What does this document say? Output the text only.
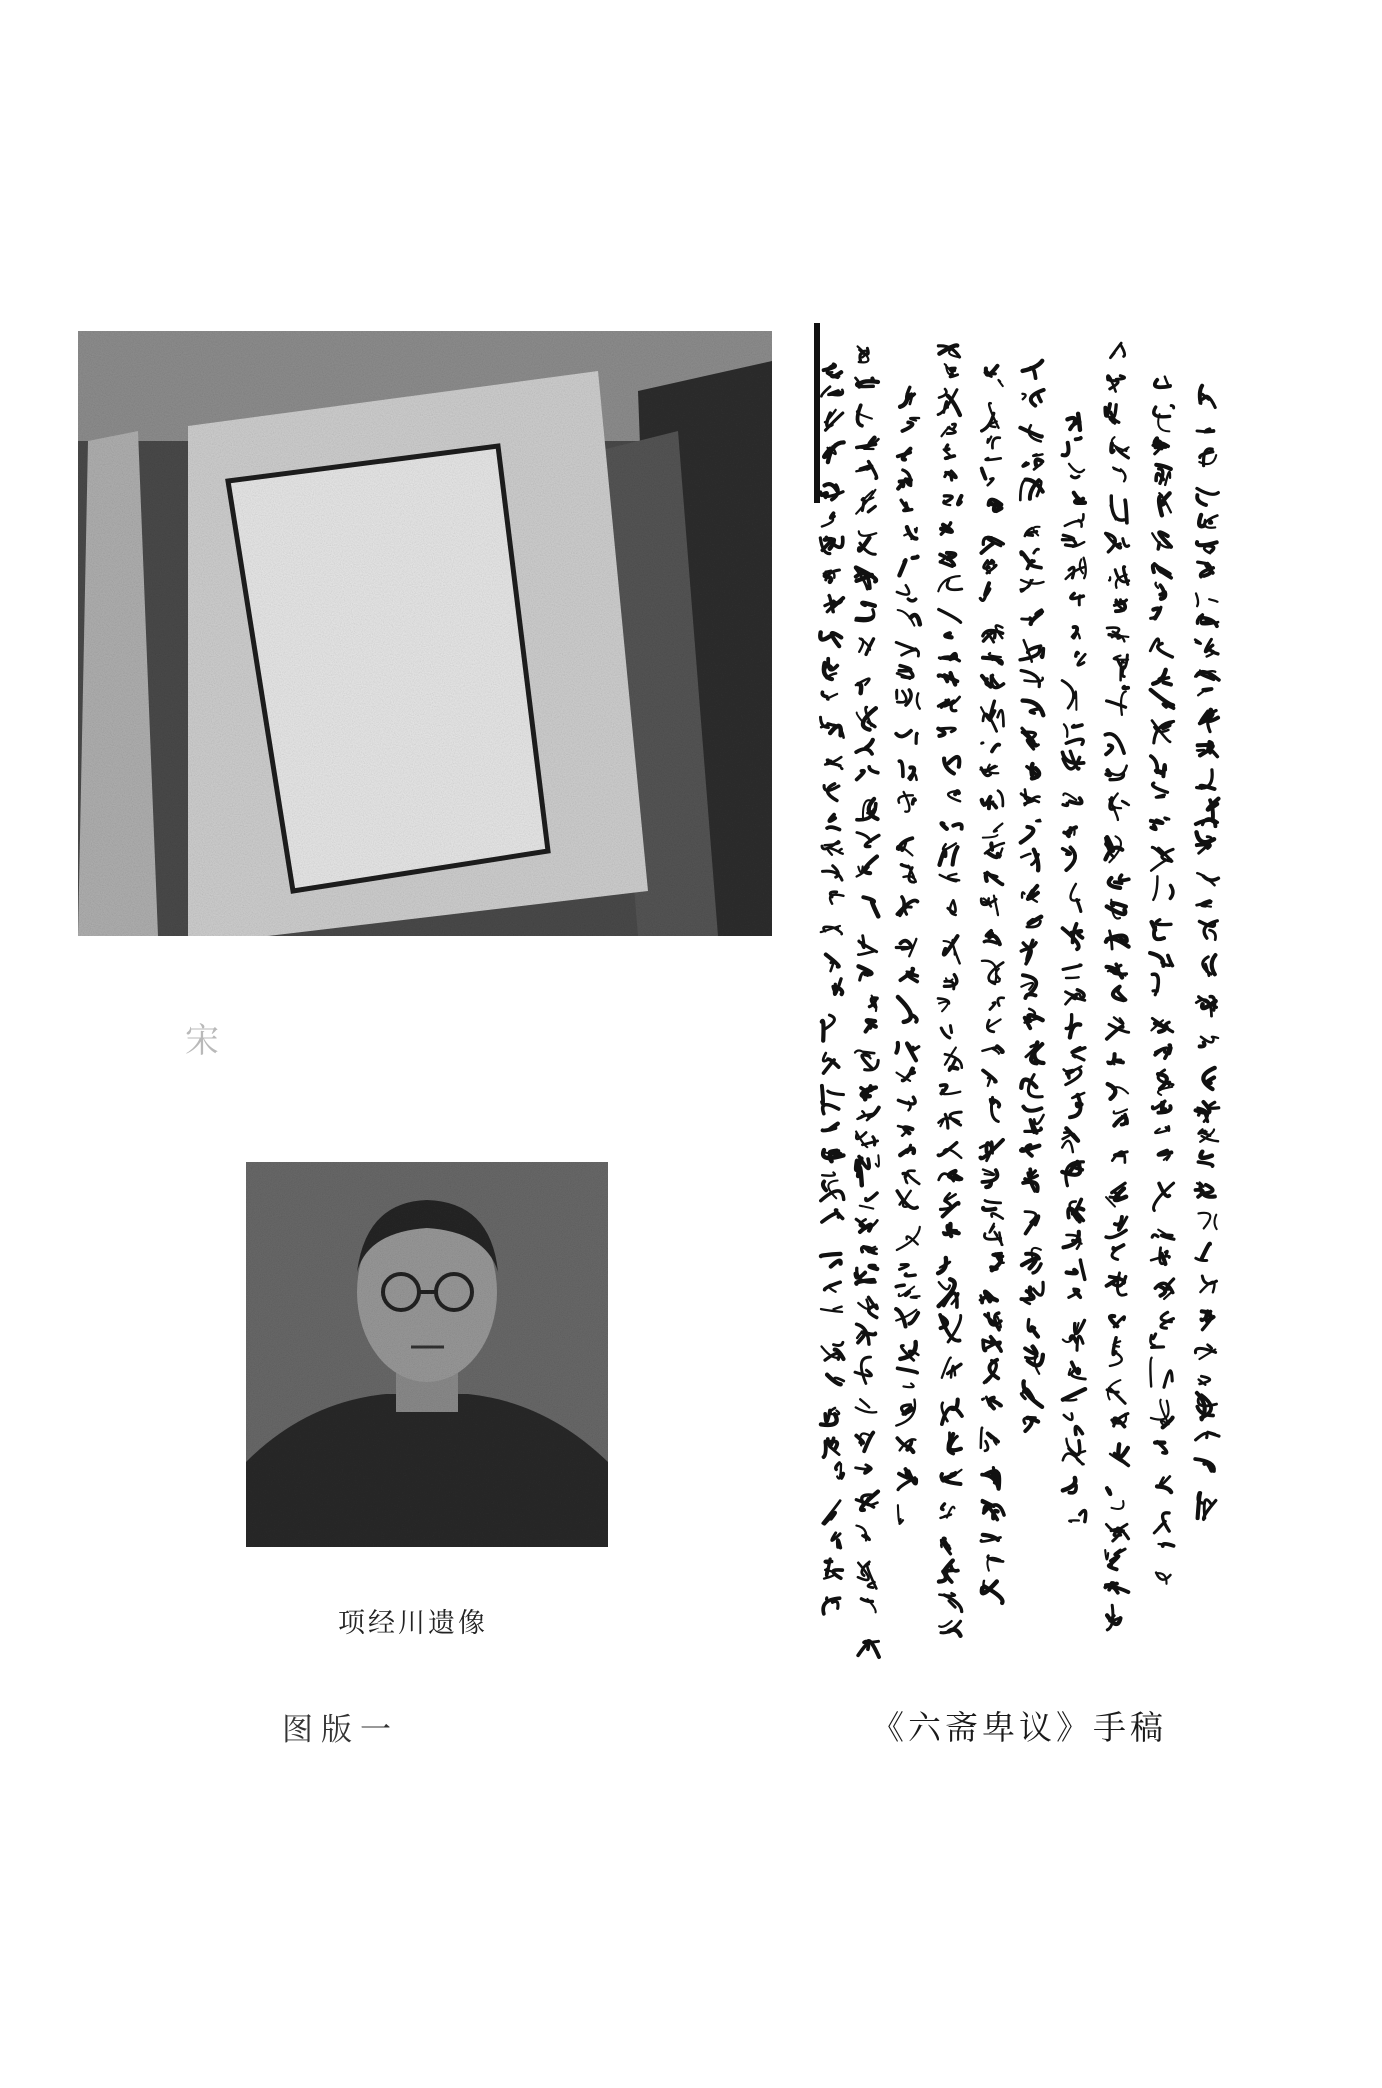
宋
项经川遗像
图版一	《六斋卑议》手稿
